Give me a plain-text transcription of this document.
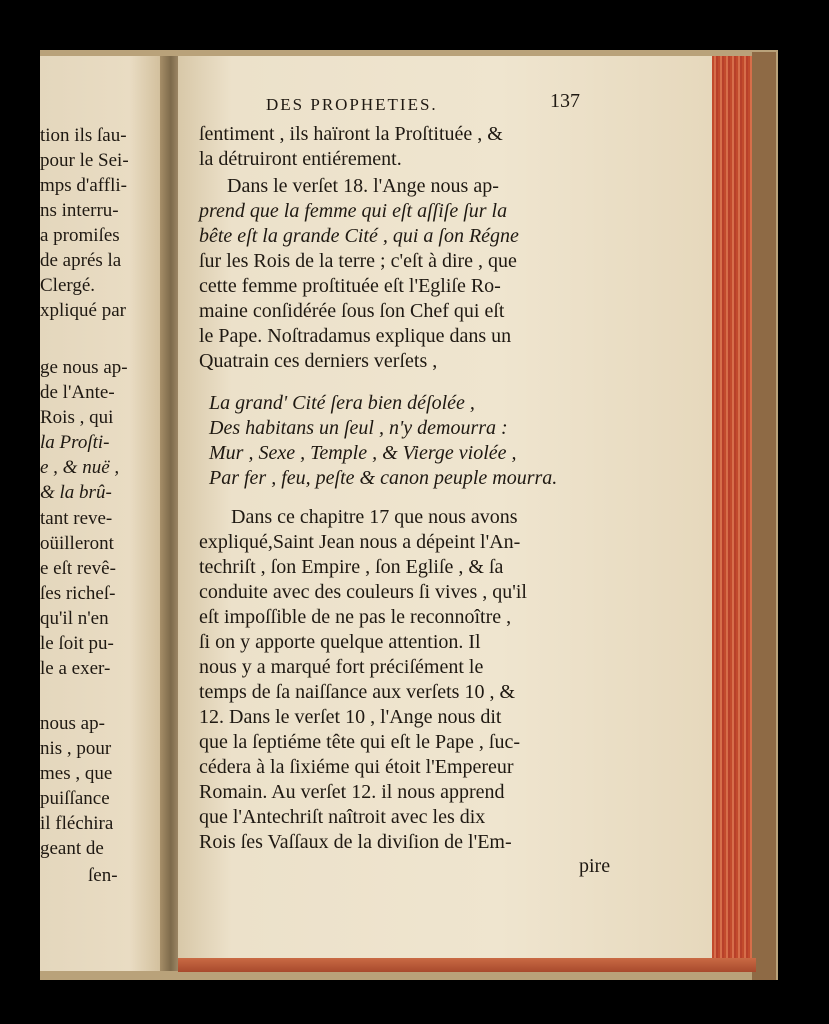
DES PROPHETIES.	137
tion ils ſau-
pour le Sei-
mps d'affli-
ns interru-
a promiſes
de aprés la
Clergé.
xpliqué par
ge nous ap-
de l'Ante-
Rois , qui
la Proſti-
e , & nuë ,
& la brû-
tant reve-
oüilleront
e eſt revê-
ſes richeſ-
qu'il n'en
le ſoit pu-
le a exer-
nous ap-
nis , pour
mes , que
puiſſance
il fléchira
geant de
ſen-
ſentiment , ils haïront la Proſtituée , &
la détruiront entiérement.
Dans le verſet 18. l'Ange nous ap-
prend que la femme qui eſt aſſiſe ſur la
bête eſt la grande Cité , qui a ſon Régne
ſur les Rois de la terre ; c'eſt à dire , que
cette femme proſtituée eſt l'Egliſe Ro-
maine conſidérée ſous ſon Chef qui eſt
le Pape. Noſtradamus explique dans un
Quatrain ces derniers verſets ,
La grand' Cité ſera bien déſolée ,
Des habitans un ſeul , n'y demourra :
Mur , Sexe , Temple , & Vierge violée ,
Par fer , feu, peſte & canon peuple mourra.
Dans ce chapitre 17 que nous avons
expliqué,Saint Jean nous a dépeint l'An-
techriſt , ſon Empire , ſon Egliſe , & ſa
conduite avec des couleurs ſi vives , qu'il
eſt impoſſible de ne pas le reconnoître ,
ſi on y apporte quelque attention. Il
nous y a marqué fort préciſément le
temps de ſa naiſſance aux verſets 10 , &
12. Dans le verſet 10 , l'Ange nous dit
que la ſeptiéme tête qui eſt le Pape , ſuc-
cédera à la ſixiéme qui étoit l'Empereur
Romain. Au verſet 12. il nous apprend
que l'Antechriſt naîtroit avec les dix
Rois ſes Vaſſaux de la diviſion de l'Em-
pire
